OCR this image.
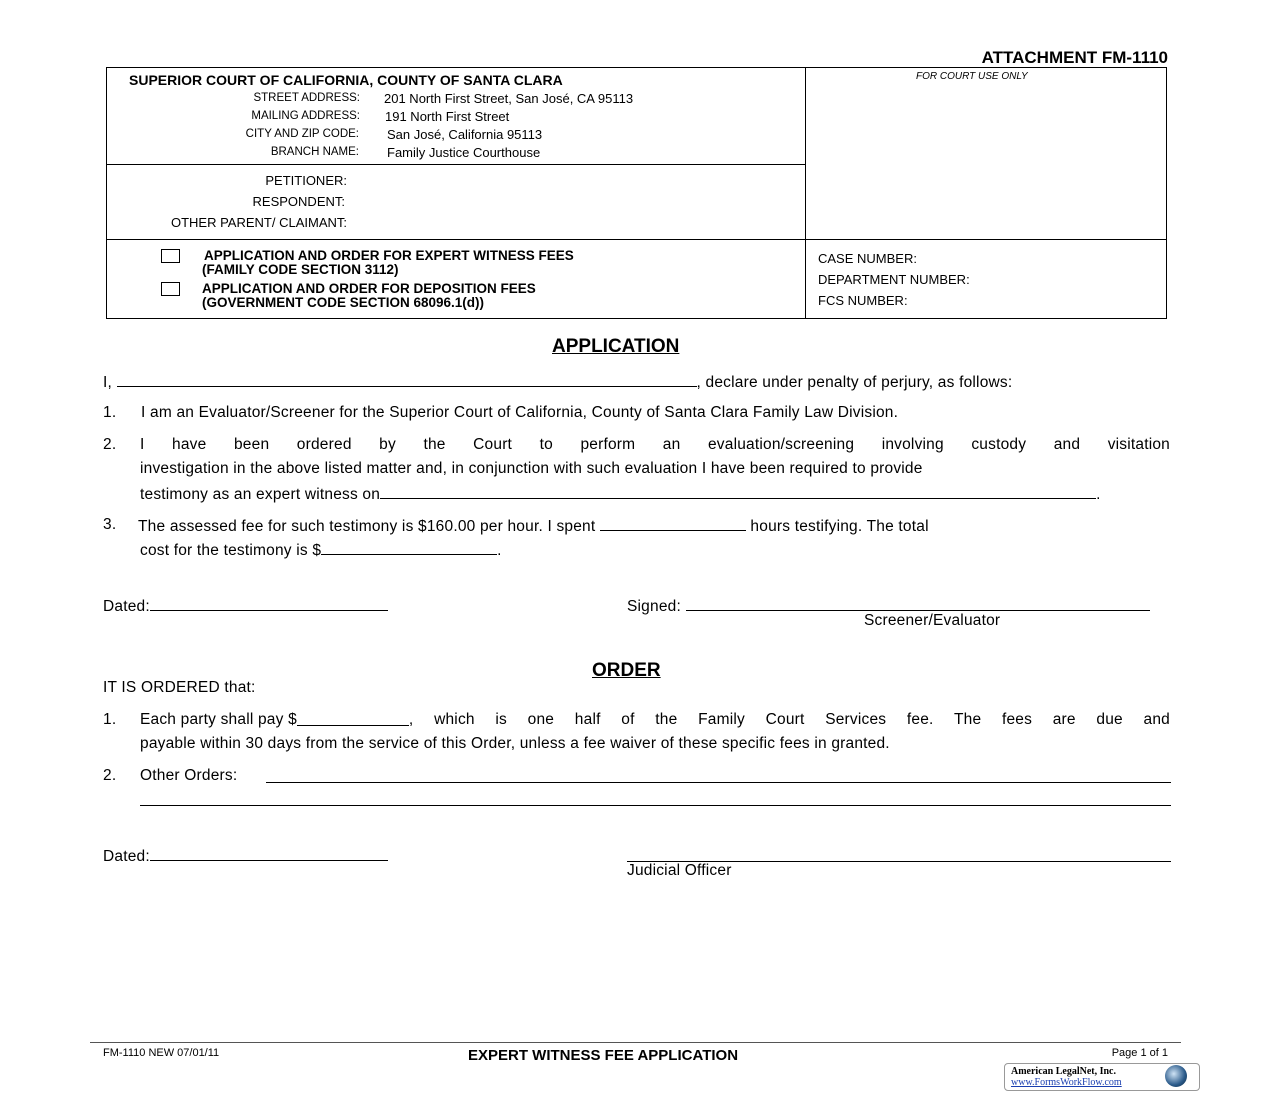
ATTACHMENT FM-1110
FOR COURT USE ONLY
SUPERIOR COURT OF CALIFORNIA, COUNTY OF SANTA CLARA
STREET ADDRESS: 201 North First Street, San José, CA 95113
MAILING ADDRESS: 191 North First Street
CITY AND ZIP CODE: San José, California 95113
BRANCH NAME: Family Justice Courthouse
PETITIONER:
RESPONDENT:
OTHER PARENT/ CLAIMANT:
APPLICATION AND ORDER FOR EXPERT WITNESS FEES
(FAMILY CODE SECTION 3112)
APPLICATION AND ORDER FOR DEPOSITION FEES
(GOVERNMENT CODE SECTION 68096.1(d))
CASE NUMBER:
DEPARTMENT NUMBER:
FCS NUMBER:
APPLICATION
I,	, declare under penalty of perjury, as follows:
1. I am an Evaluator/Screener for the Superior Court of California, County of Santa Clara Family Law Division.
2. I have been ordered by the Court to perform an evaluation/screening involving custody and visitation
investigation in the above listed matter and, in conjunction with such evaluation I have been required to provide
testimony as an expert witness on	.
3. The assessed fee for such testimony is $160.00 per hour. I spent	hours testifying. The total
cost for the testimony is $	.
Dated:	Signed:
Screener/Evaluator
ORDER
IT IS ORDERED that:
1. Each party shall pay $	, which is one half of the Family Court Services fee. The fees are due and
payable within 30 days from the service of this Order, unless a fee waiver of these specific fees in granted.
2. Other Orders:
Dated:
Judicial Officer
FM-1110 NEW 07/01/11	EXPERT WITNESS FEE APPLICATION	Page 1 of 1
American LegalNet, Inc.
www.FormsWorkFlow.com
